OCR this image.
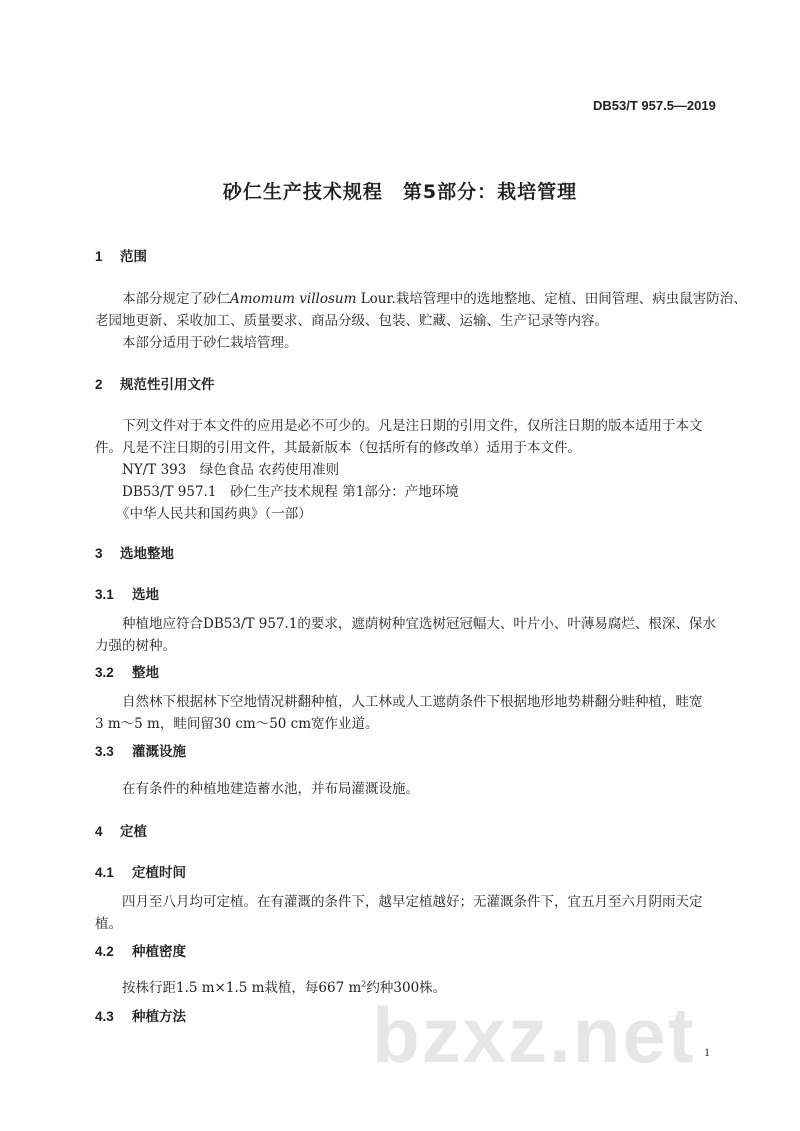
DB53/T 957.5—2019
砂仁生产技术规程　第5部分：栽培管理
1 范围
本部分规定了砂仁Amomum villosum Lour.栽培管理中的选地整地、定植、田间管理、病虫鼠害防治、
老园地更新、采收加工、质量要求、商品分级、包装、贮藏、运输、生产记录等内容。
本部分适用于砂仁栽培管理。
2 规范性引用文件
下列文件对于本文件的应用是必不可少的。凡是注日期的引用文件，仅所注日期的版本适用于本文
件。凡是不注日期的引用文件，其最新版本（包括所有的修改单）适用于本文件。
NY/T 393　绿色食品 农药使用准则
DB53/T 957.1　砂仁生产技术规程 第1部分：产地环境
《中华人民共和国药典》（一部）
3 选地整地
3.1 选地
种植地应符合DB53/T 957.1的要求，遮荫树种宜选树冠冠幅大、叶片小、叶薄易腐烂、根深、保水
力强的树种。
3.2 整地
自然林下根据林下空地情况耕翻种植，人工林或人工遮荫条件下根据地形地势耕翻分畦种植，畦宽
3 m～5 m，畦间留30 cm～50 cm宽作业道。
3.3 灌溉设施
在有条件的种植地建造蓄水池，并布局灌溉设施。
4 定植
4.1 定植时间
四月至八月均可定植。在有灌溉的条件下，越早定植越好；无灌溉条件下，宜五月至六月阴雨天定
植。
4.2 种植密度
按株行距1.5 m×1.5 m栽植，每667 $m^2$约种300株。
4.3 种植方法 bzxz.net 1
